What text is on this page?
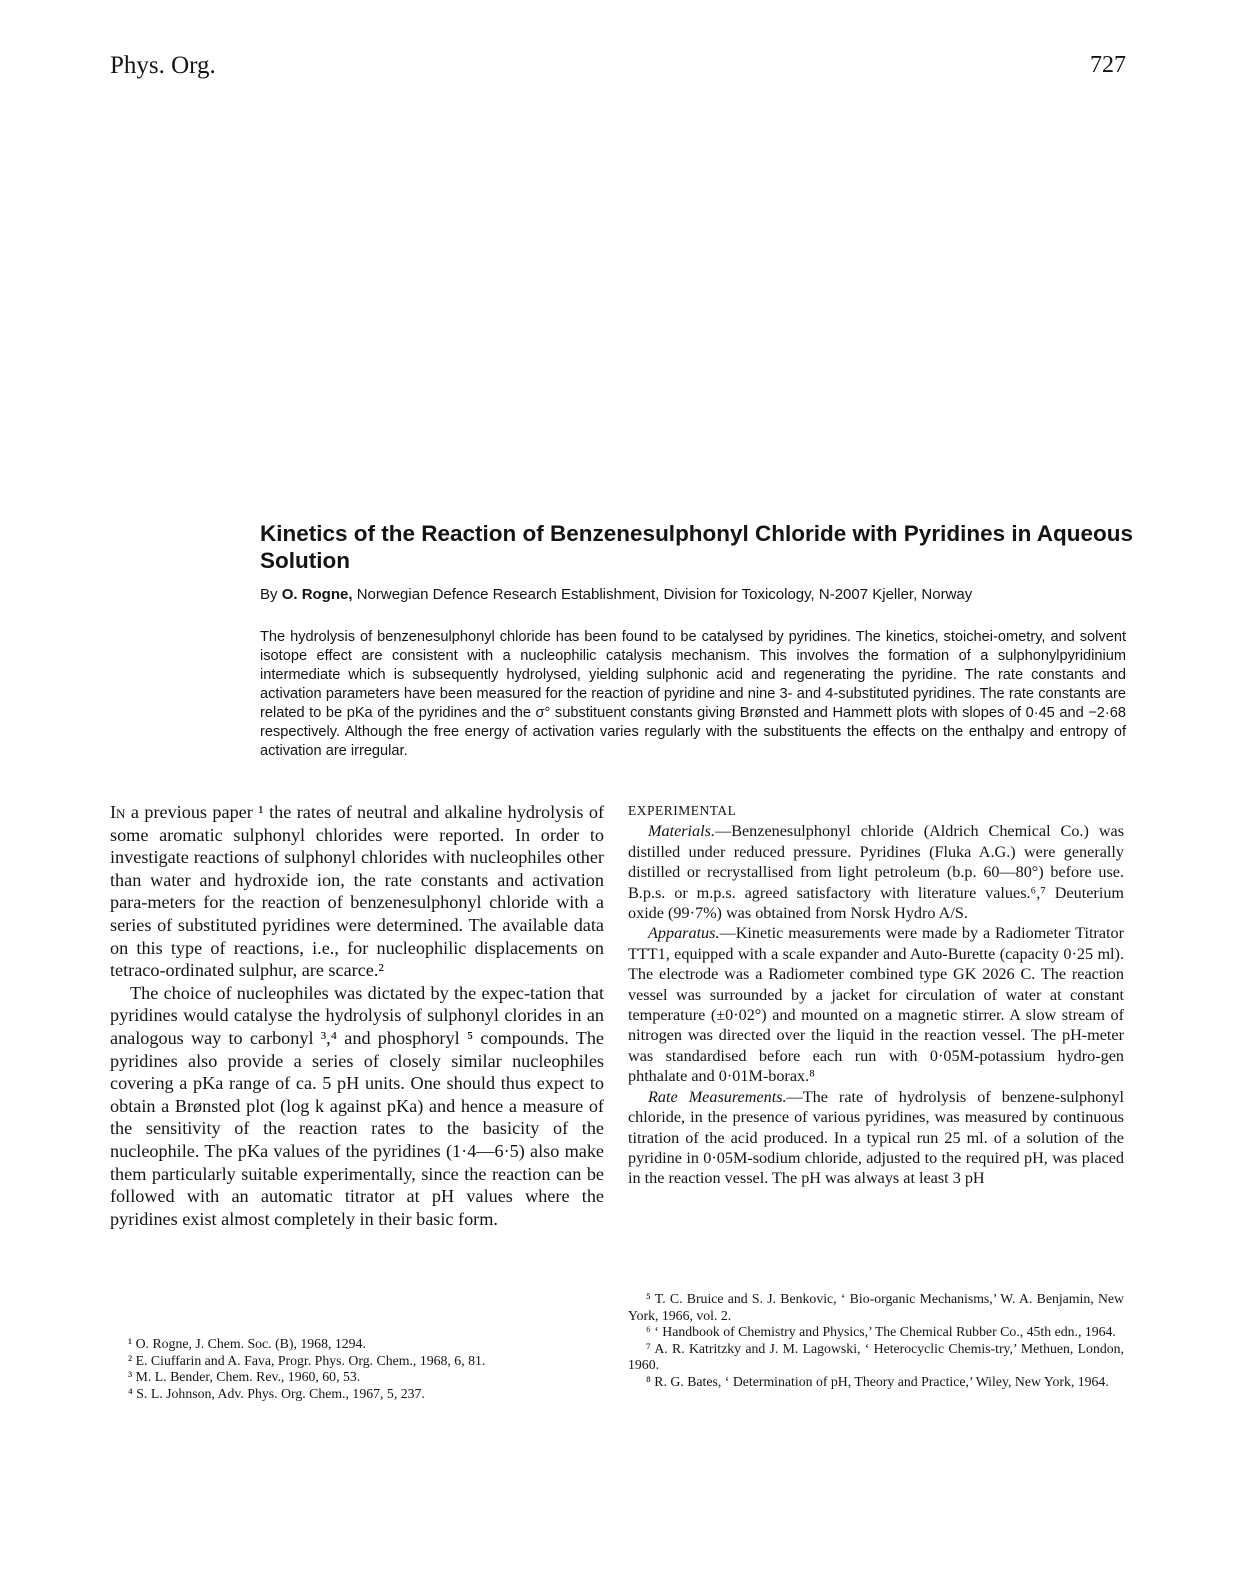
Phys. Org.	727
Kinetics of the Reaction of Benzenesulphonyl Chloride with Pyridines in Aqueous Solution
By O. Rogne, Norwegian Defence Research Establishment, Division for Toxicology, N-2007 Kjeller, Norway

The hydrolysis of benzenesulphonyl chloride has been found to be catalysed by pyridines. The kinetics, stoichei-ometry, and solvent isotope effect are consistent with a nucleophilic catalysis mechanism. This involves the formation of a sulphonylpyridinium intermediate which is subsequently hydrolysed, yielding sulphonic acid and regenerating the pyridine. The rate constants and activation parameters have been measured for the reaction of pyridine and nine 3- and 4-substituted pyridines. The rate constants are related to be pKa of the pyridines and the σ° substituent constants giving Brønsted and Hammett plots with slopes of 0·45 and −2·68 respectively. Although the free energy of activation varies regularly with the substituents the effects on the enthalpy and entropy of activation are irregular.

In a previous paper ¹ the rates of neutral and alkaline hydrolysis of some aromatic sulphonyl chlorides were reported. In order to investigate reactions of sulphonyl chlorides with nucleophiles other than water and hydroxide ion, the rate constants and activation para-meters for the reaction of benzenesulphonyl chloride with a series of substituted pyridines were determined. The available data on this type of reactions, i.e., for nucleophilic displacements on tetraco-ordinated sulphur, are scarce.²

The choice of nucleophiles was dictated by the expec-tation that pyridines would catalyse the hydrolysis of sulphonyl clorides in an analogous way to carbonyl ³,⁴ and phosphoryl ⁵ compounds. The pyridines also provide a series of closely similar nucleophiles covering a pKa range of ca. 5 pH units. One should thus expect to obtain a Brønsted plot (log k against pKa) and hence a measure of the sensitivity of the reaction rates to the basicity of the nucleophile. The pKa values of the pyridines (1·4—6·5) also make them particularly suitable experimentally, since the reaction can be followed with an automatic titrator at pH values where the pyridines exist almost completely in their basic form.

¹ O. Rogne, J. Chem. Soc. (B), 1968, 1294.

² E. Ciuffarin and A. Fava, Progr. Phys. Org. Chem., 1968, 6, 81.

³ M. L. Bender, Chem. Rev., 1960, 60, 53.

⁴ S. L. Johnson, Adv. Phys. Org. Chem., 1967, 5, 237.

EXPERIMENTAL

Materials.—Benzenesulphonyl chloride (Aldrich Chemical Co.) was distilled under reduced pressure. Pyridines (Fluka A.G.) were generally distilled or recrystallised from light petroleum (b.p. 60—80°) before use. B.p.s. or m.p.s. agreed satisfactory with literature values.⁶,⁷ Deuterium oxide (99·7%) was obtained from Norsk Hydro A/S.

Apparatus.—Kinetic measurements were made by a Radiometer Titrator TTT1, equipped with a scale expander and Auto-Burette (capacity 0·25 ml). The electrode was a Radiometer combined type GK 2026 C. The reaction vessel was surrounded by a jacket for circulation of water at constant temperature (±0·02°) and mounted on a magnetic stirrer. A slow stream of nitrogen was directed over the liquid in the reaction vessel. The pH-meter was standardised before each run with 0·05M-potassium hydro-gen phthalate and 0·01M-borax.⁸

Rate Measurements.—The rate of hydrolysis of benzene-sulphonyl chloride, in the presence of various pyridines, was measured by continuous titration of the acid produced. In a typical run 25 ml. of a solution of the pyridine in 0·05M-sodium chloride, adjusted to the required pH, was placed in the reaction vessel. The pH was always at least 3 pH

⁵ T. C. Bruice and S. J. Benkovic, ‘ Bio-organic Mechanisms,’ W. A. Benjamin, New York, 1966, vol. 2.

⁶ ‘ Handbook of Chemistry and Physics,’ The Chemical Rubber Co., 45th edn., 1964.

⁷ A. R. Katritzky and J. M. Lagowski, ‘ Heterocyclic Chemis-try,’ Methuen, London, 1960.

⁸ R. G. Bates, ‘ Determination of pH, Theory and Practice,’ Wiley, New York, 1964.
